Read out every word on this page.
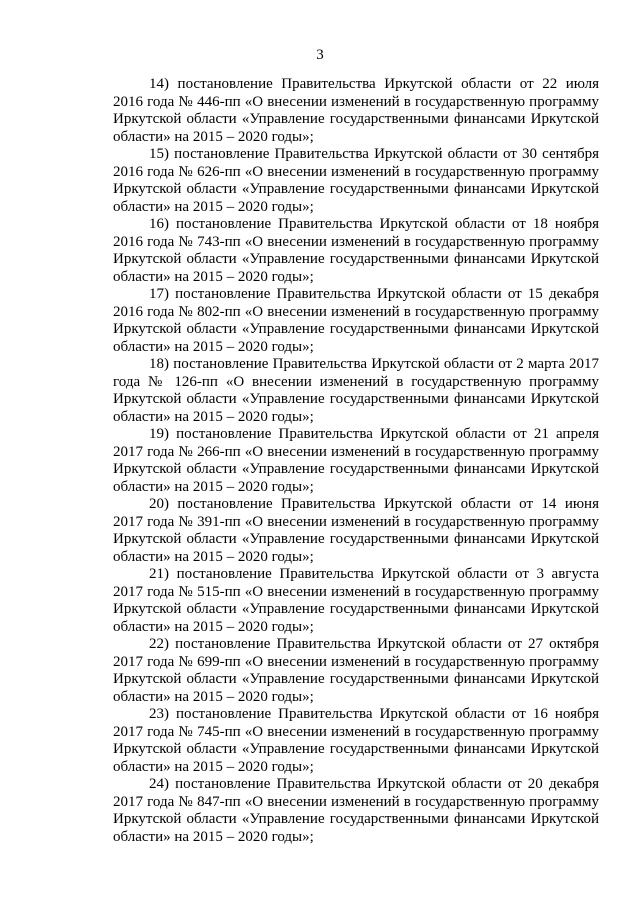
3

14) постановление Правительства Иркутской области от 22 июля 2016 года № 446-пп «О внесении изменений в государственную программу Иркутской области «Управление государственными финансами Иркутской области» на 2015 – 2020 годы»;

15) постановление Правительства Иркутской области от 30 сентября 2016 года № 626-пп «О внесении изменений в государственную программу Иркутской области «Управление государственными финансами Иркутской области» на 2015 – 2020 годы»;

16) постановление Правительства Иркутской области от 18 ноября 2016 года № 743-пп «О внесении изменений в государственную программу Иркутской области «Управление государственными финансами Иркутской области» на 2015 – 2020 годы»;

17) постановление Правительства Иркутской области от 15 декабря 2016 года № 802-пп «О внесении изменений в государственную программу Иркутской области «Управление государственными финансами Иркутской области» на 2015 – 2020 годы»;

18) постановление Правительства Иркутской области от 2 марта 2017 года № 126-пп «О внесении изменений в государственную программу Иркутской области «Управление государственными финансами Иркутской области» на 2015 – 2020 годы»;

19) постановление Правительства Иркутской области от 21 апреля 2017 года № 266-пп «О внесении изменений в государственную программу Иркутской области «Управление государственными финансами Иркутской области» на 2015 – 2020 годы»;

20) постановление Правительства Иркутской области от 14 июня 2017 года № 391-пп «О внесении изменений в государственную программу Иркутской области «Управление государственными финансами Иркутской области» на 2015 – 2020 годы»;

21) постановление Правительства Иркутской области от 3 августа 2017 года № 515-пп «О внесении изменений в государственную программу Иркутской области «Управление государственными финансами Иркутской области» на 2015 – 2020 годы»;

22) постановление Правительства Иркутской области от 27 октября 2017 года № 699-пп «О внесении изменений в государственную программу Иркутской области «Управление государственными финансами Иркутской области» на 2015 – 2020 годы»;

23) постановление Правительства Иркутской области от 16 ноября 2017 года № 745-пп «О внесении изменений в государственную программу Иркутской области «Управление государственными финансами Иркутской области» на 2015 – 2020 годы»;

24) постановление Правительства Иркутской области от 20 декабря 2017 года № 847-пп «О внесении изменений в государственную программу Иркутской области «Управление государственными финансами Иркутской области» на 2015 – 2020 годы»;
